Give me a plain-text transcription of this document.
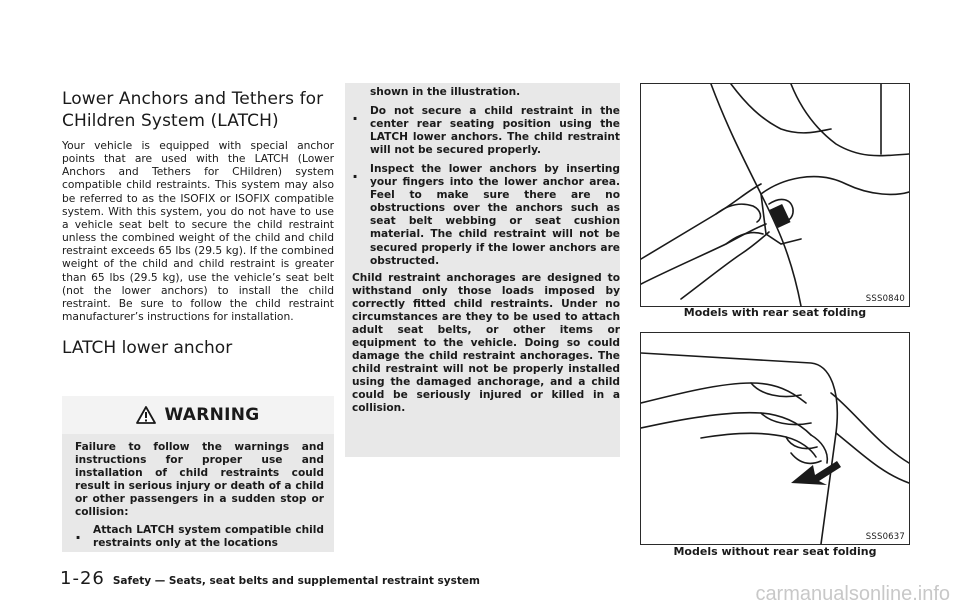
Lower Anchors and Tethers for
CHildren System (LATCH)

Your vehicle is equipped with special anchor points that are used with the LATCH (Lower Anchors and Tethers for CHildren) system compatible child restraints. This system may also be referred to as the ISOFIX or ISOFIX compatible system. With this system, you do not have to use a vehicle seat belt to secure the child restraint unless the combined weight of the child and child restraint exceeds 65 lbs (29.5 kg). If the combined weight of the child and child restraint is greater than 65 lbs (29.5 kg), use the vehicle’s seat belt (not the lower anchors) to install the child restraint. Be sure to follow the child restraint manufacturer’s instructions for installation.

LATCH lower anchor
WARNING

Failure to follow the warnings and instructions for proper use and installation of child restraints could result in serious injury or death of a child or other passengers in a sudden stop or collision:

.	Attach LATCH system compatible child restraints only at the locations
shown in the illustration.
.	Do not secure a child restraint in the center rear seating position using the LATCH lower anchors. The child restraint will not be secured properly.
.	Inspect the lower anchors by inserting your fingers into the lower anchor area. Feel to make sure there are no obstructions over the anchors such as seat belt webbing or seat cushion material. The child restraint will not be secured properly if the lower anchors are obstructed.

Child restraint anchorages are designed to withstand only those loads imposed by correctly fitted child restraints. Under no circumstances are they to be used to attach adult seat belts, or other items or equipment to the vehicle. Doing so could damage the child restraint anchorages. The child restraint will not be properly installed using the damaged anchorage, and a child could be seriously injured or killed in a collision.

SSS0840
Models with rear seat folding
SSS0637
Models without rear seat folding
1-26 Safety — Seats, seat belts and supplemental restraint system
carmanualsonline.info
